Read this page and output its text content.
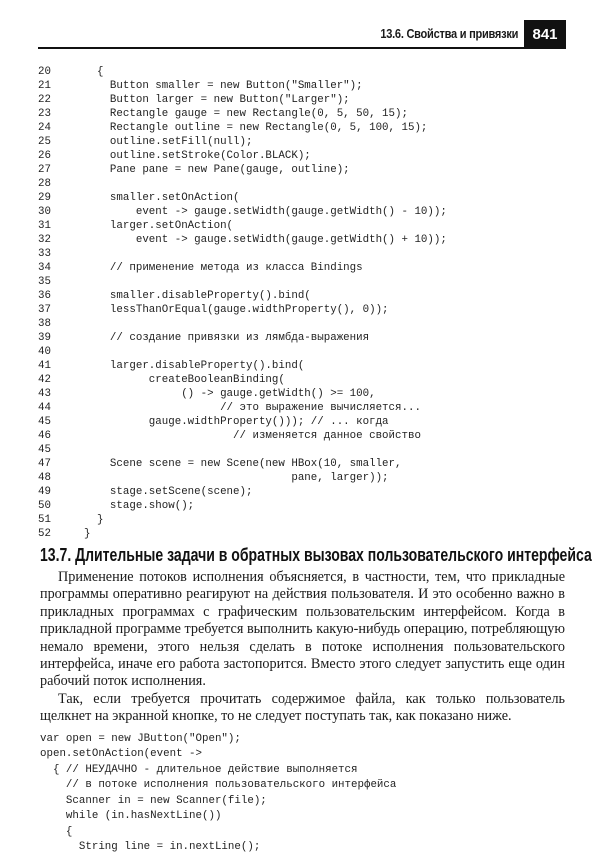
13.6. Свойства и привязки 841
20	{
21	Button smaller = new Button("Smaller");
22	Button larger = new Button("Larger");
23	Rectangle gauge = new Rectangle(0, 5, 50, 15);
24	Rectangle outline = new Rectangle(0, 5, 100, 15);
25	outline.setFill(null);
26	outline.setStroke(Color.BLACK);
27	Pane pane = new Pane(gauge, outline);
28
29	smaller.setOnAction(
30	event -> gauge.setWidth(gauge.getWidth() - 10));
31	larger.setOnAction(
32	event -> gauge.setWidth(gauge.getWidth() + 10));
33
34	// применение метода из класса Bindings
35
36	smaller.disableProperty().bind(
37	lessThanOrEqual(gauge.widthProperty(), 0));
38
39	// создание привязки из лямбда-выражения
40
41	larger.disableProperty().bind(
42	createBooleanBinding(
43	() -> gauge.getWidth() >= 100,
44	// это выражение вычисляется...
45	gauge.widthProperty())); // ... когда
46	// изменяется данное свойство
45
47	Scene scene = new Scene(new HBox(10, smaller,
48	pane, larger));
49	stage.setScene(scene);
50	stage.show();
51	}
52	}
13.7. Длительные задачи в обратных вызовах пользовательского интерфейса

Применение потоков исполнения объясняется, в частности, тем, что прикладные программы оперативно реагируют на действия пользователя. И это особенно важно в прикладных программах с графическим пользовательским интерфейсом. Когда в прикладной программе требуется выполнить какую-нибудь операцию, потребляющую немало времени, этого нельзя сделать в потоке исполнения пользовательского интерфейса, иначе его работа застопорится. Вместо этого следует запустить еще один рабочий поток исполнения.

Так, если требуется прочитать содержимое файла, как только пользователь щелкнет на экранной кнопке, то не следует поступать так, как показано ниже.

var open = new JButton("Open");
open.setOnAction(event ->
{ // НЕУДАЧНО - длительное действие выполняется
// в потоке исполнения пользовательского интерфейса
Scanner in = new Scanner(file);
while (in.hasNextLine())
{
String line = in.nextLine();
